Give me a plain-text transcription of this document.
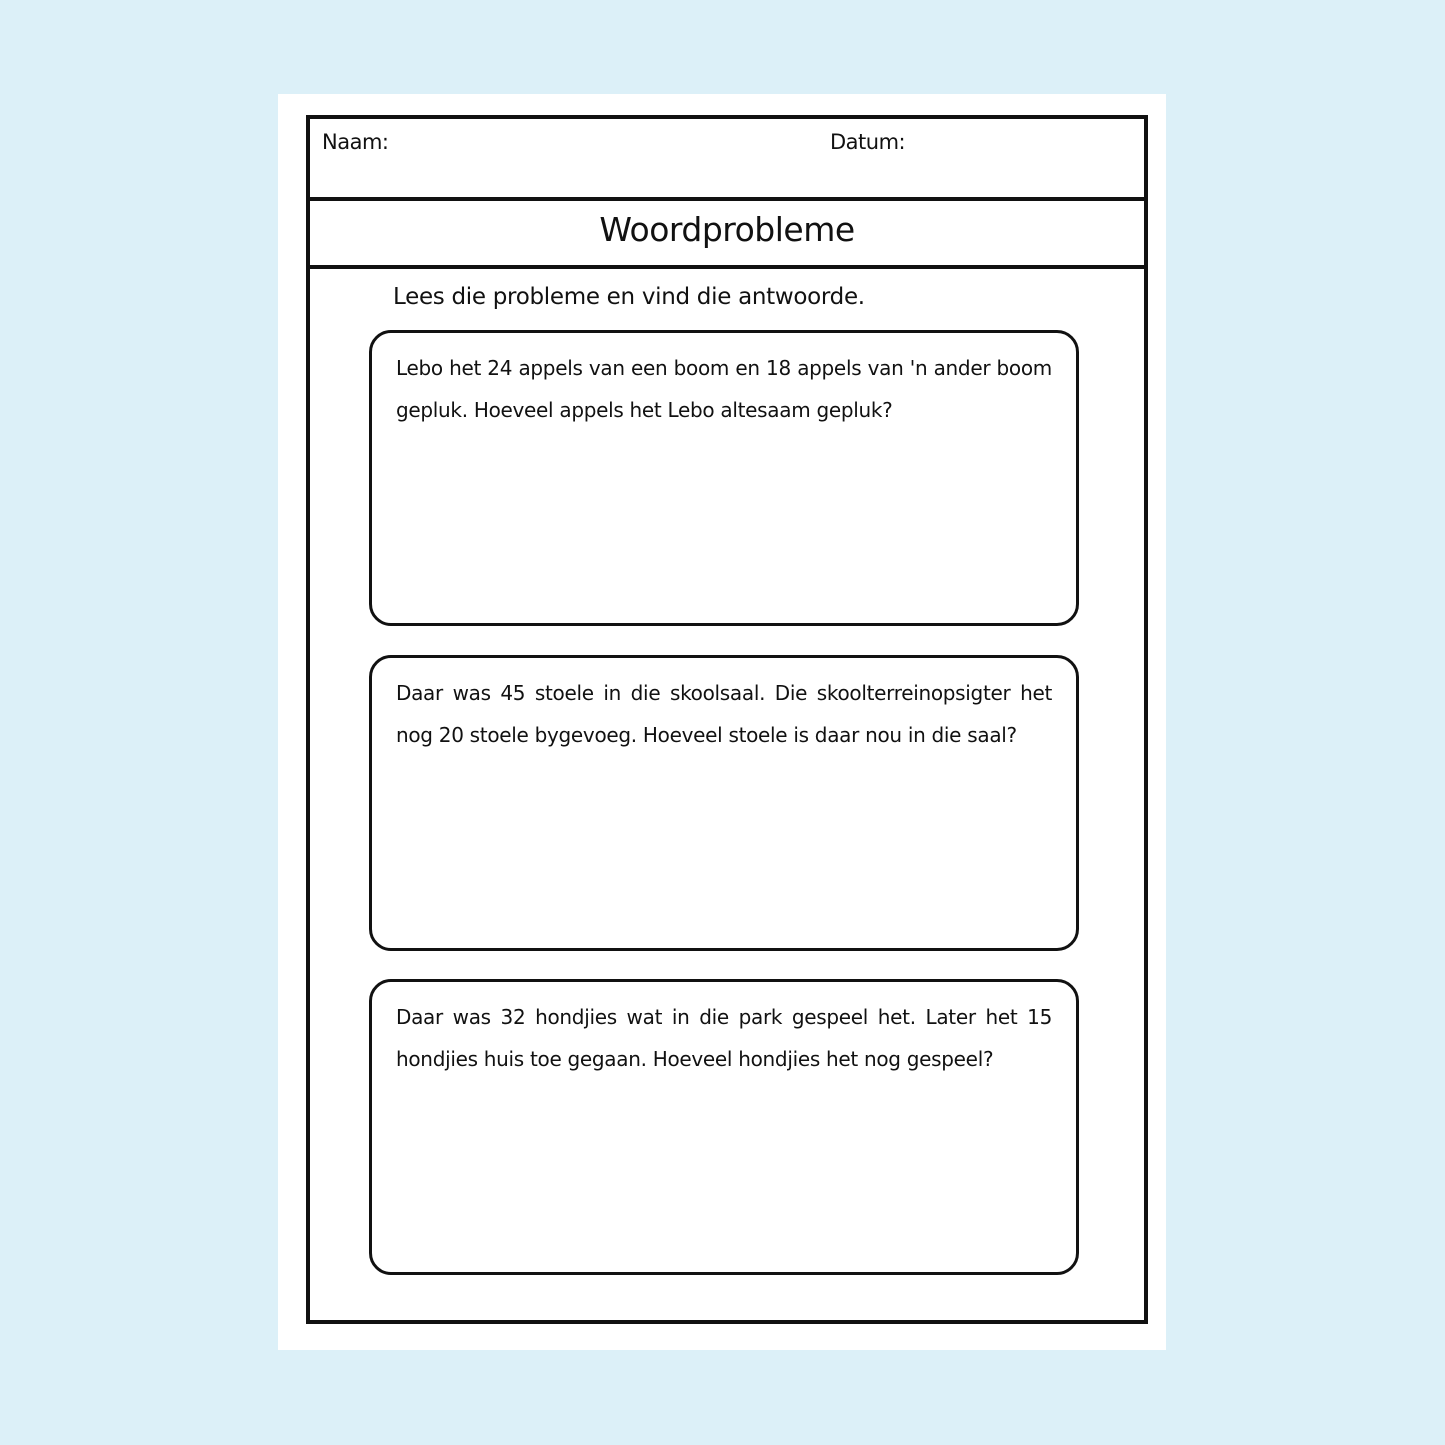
Naam:	Datum:
Woordprobleme
Lees die probleme en vind die antwoorde.
Lebo het 24 appels van een boom en 18 appels van 'n ander boom gepluk. Hoeveel appels het Lebo altesaam gepluk?
Daar was 45 stoele in die skoolsaal. Die skoolterreinopsigter het nog 20 stoele bygevoeg. Hoeveel stoele is daar nou in die saal?
Daar was 32 hondjies wat in die park gespeel het. Later het 15 hondjies huis toe gegaan. Hoeveel hondjies het nog gespeel?
